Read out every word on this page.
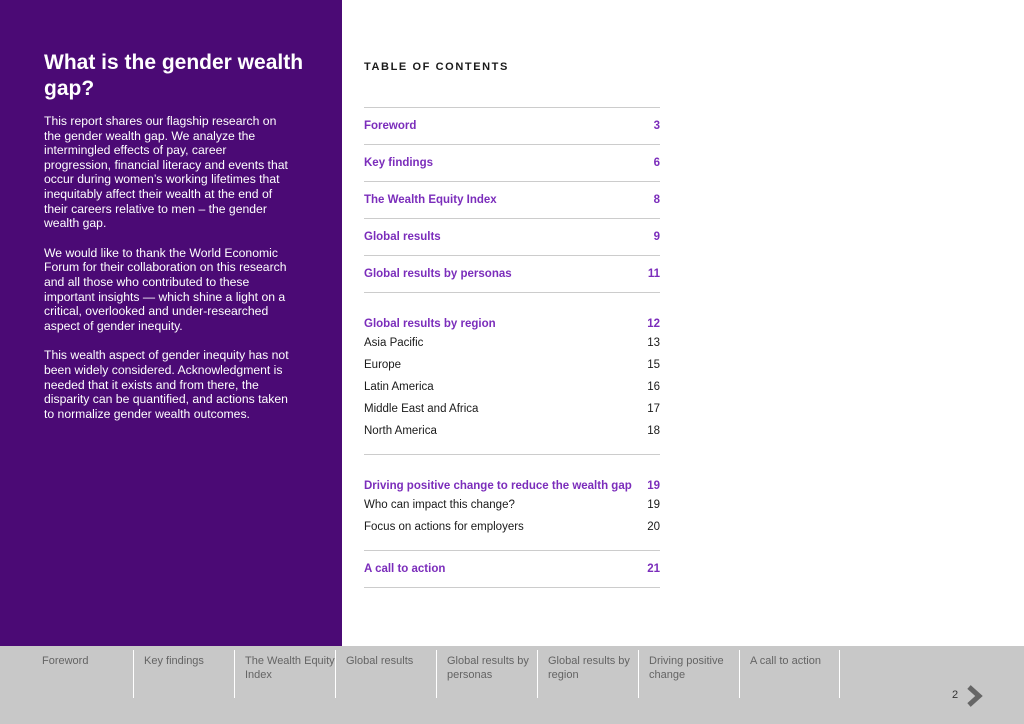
What is the gender wealth gap?

This report shares our flagship research on the gender wealth gap. We analyze the intermingled effects of pay, career progression, financial literacy and events that occur during women’s working lifetimes that inequitably affect their wealth at the end of their careers relative to men – the gender wealth gap.

We would like to thank the World Economic Forum for their collaboration on this research and all those who contributed to these important insights — which shine a light on a critical, overlooked and under-researched aspect of gender inequity.

This wealth aspect of gender inequity has not been widely considered. Acknowledgment is needed that it exists and from there, the disparity can be quantified, and actions taken to normalize gender wealth outcomes.

TABLE OF CONTENTS
Foreword	3
Key findings	6
The Wealth Equity Index	8
Global results	9
Global results by personas	11
Global results by region	12
Asia Pacific	13
Europe	15
Latin America	16
Middle East and Africa	17
North America	18
Driving positive change to reduce the wealth gap 19
Who can impact this change?	19
Focus on actions for employers	20
A call to action	21
Foreword	Key findings	The Wealth Equity Index
Global results	Global results by personas
Global results by region
Driving positive change
A call to action
2
